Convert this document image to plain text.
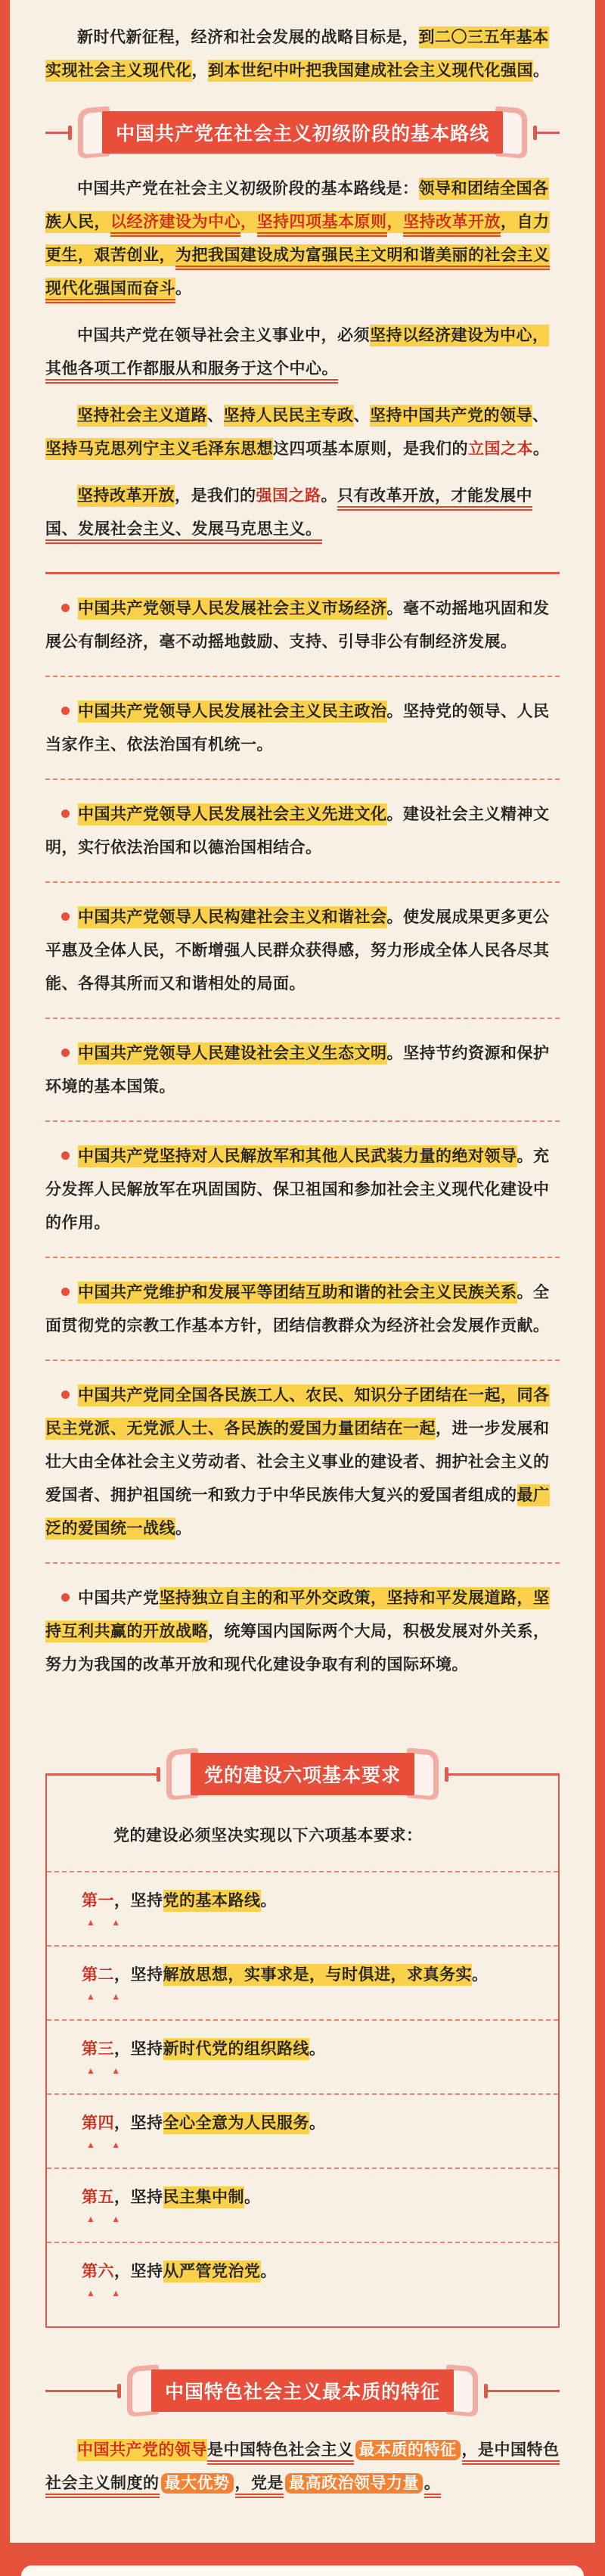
新时代新征程，经济和社会发展的战略目标是，到二〇三五年基本实现社会主义现代化，到本世纪中叶把我国建成社会主义现代化强国。

中国共产党在社会主义初级阶段的基本路线

中国共产党在社会主义初级阶段的基本路线是：领导和团结全国各族人民，以经济建设为中心，坚持四项基本原则，坚持改革开放，自力更生，艰苦创业，为把我国建设成为富强民主文明和谐美丽的社会主义现代化强国而奋斗。

中国共产党在领导社会主义事业中，必须坚持以经济建设为中心，其他各项工作都服从和服务于这个中心。

坚持社会主义道路、坚持人民民主专政、坚持中国共产党的领导、坚持马克思列宁主义毛泽东思想这四项基本原则，是我们的立国之本。

坚持改革开放，是我们的强国之路。只有改革开放，才能发展中国、发展社会主义、发展马克思主义。

中国共产党领导人民发展社会主义市场经济。毫不动摇地巩固和发展公有制经济，毫不动摇地鼓励、支持、引导非公有制经济发展。
中国共产党领导人民发展社会主义民主政治。坚持党的领导、人民当家作主、依法治国有机统一。
中国共产党领导人民发展社会主义先进文化。建设社会主义精神文明，实行依法治国和以德治国相结合。
中国共产党领导人民构建社会主义和谐社会。使发展成果更多更公平惠及全体人民，不断增强人民群众获得感，努力形成全体人民各尽其能、各得其所而又和谐相处的局面。
中国共产党领导人民建设社会主义生态文明。坚持节约资源和保护环境的基本国策。
中国共产党坚持对人民解放军和其他人民武装力量的绝对领导。充分发挥人民解放军在巩固国防、保卫祖国和参加社会主义现代化建设中的作用。
中国共产党维护和发展平等团结互助和谐的社会主义民族关系。全面贯彻党的宗教工作基本方针，团结信教群众为经济社会发展作贡献。
中国共产党同全国各民族工人、农民、知识分子团结在一起，同各民主党派、无党派人士、各民族的爱国力量团结在一起，进一步发展和壮大由全体社会主义劳动者、社会主义事业的建设者、拥护社会主义的爱国者、拥护祖国统一和致力于中华民族伟大复兴的爱国者组成的最广泛的爱国统一战线。
中国共产党坚持独立自主的和平外交政策，坚持和平发展道路，坚持互利共赢的开放战略，统筹国内国际两个大局，积极发展对外关系，努力为我国的改革开放和现代化建设争取有利的国际环境。
党的建设六项基本要求

党的建设必须坚决实现以下六项基本要求：

第一，坚持党的基本路线。 ▲ ▲
第二，坚持解放思想，实事求是，与时俱进，求真务实。 ▲ ▲
第三，坚持新时代党的组织路线。 ▲ ▲
第四，坚持全心全意为人民服务。 ▲ ▲
第五，坚持民主集中制。 ▲ ▲
第六，坚持从严管党治党。 ▲ ▲
中国特色社会主义最本质的特征

中国共产党的领导是中国特色社会主义 最本质的特征 ，是中国特色社会主义制度的 最大优势 ，党是 最高政治领导力量 。
